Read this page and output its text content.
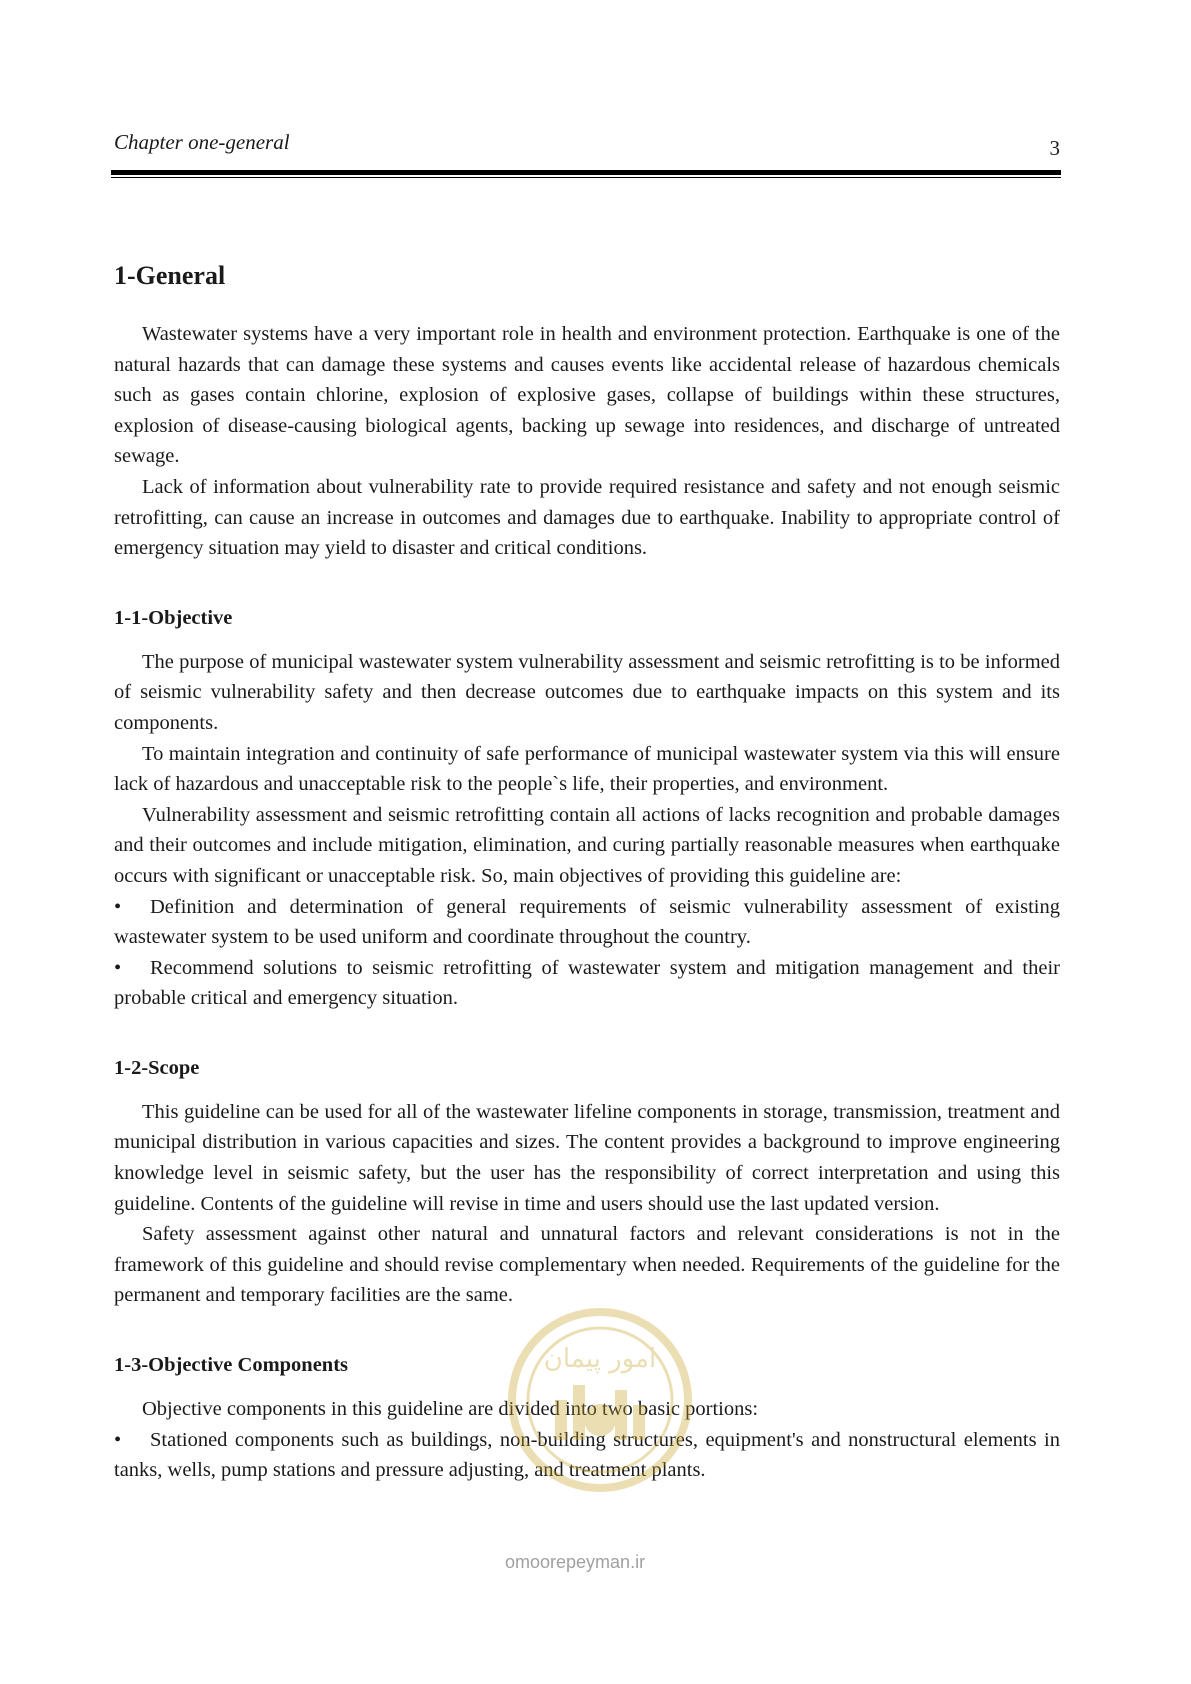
Chapter one-general	3
1-General

Wastewater systems have a very important role in health and environment protection. Earthquake is one of the natural hazards that can damage these systems and causes events like accidental release of hazardous chemicals such as gases contain chlorine, explosion of explosive gases, collapse of buildings within these structures, explosion of disease-causing biological agents, backing up sewage into residences, and discharge of untreated sewage.

Lack of information about vulnerability rate to provide required resistance and safety and not enough seismic retrofitting, can cause an increase in outcomes and damages due to earthquake. Inability to appropriate control of emergency situation may yield to disaster and critical conditions.

1-1-Objective

The purpose of municipal wastewater system vulnerability assessment and seismic retrofitting is to be informed of seismic vulnerability safety and then decrease outcomes due to earthquake impacts on this system and its components.

To maintain integration and continuity of safe performance of municipal wastewater system via this will ensure lack of hazardous and unacceptable risk to the people`s life, their properties, and environment.

Vulnerability assessment and seismic retrofitting contain all actions of lacks recognition and probable damages and their outcomes and include mitigation, elimination, and curing partially reasonable measures when earthquake occurs with significant or unacceptable risk. So, main objectives of providing this guideline are:

• Definition and determination of general requirements of seismic vulnerability assessment of existing wastewater system to be used uniform and coordinate throughout the country.

• Recommend solutions to seismic retrofitting of wastewater system and mitigation management and their probable critical and emergency situation.

1-2-Scope

This guideline can be used for all of the wastewater lifeline components in storage, transmission, treatment and municipal distribution in various capacities and sizes. The content provides a background to improve engineering knowledge level in seismic safety, but the user has the responsibility of correct interpretation and using this guideline. Contents of the guideline will revise in time and users should use the last updated version.

Safety assessment against other natural and unnatural factors and relevant considerations is not in the framework of this guideline and should revise complementary when needed. Requirements of the guideline for the permanent and temporary facilities are the same.

1-3-Objective Components

Objective components in this guideline are divided into two basic portions:

• Stationed components such as buildings, non-building structures, equipment's and nonstructural elements in tanks, wells, pump stations and pressure adjusting, and treatment plants.

امور پیمان
omoorepeyman.ir
